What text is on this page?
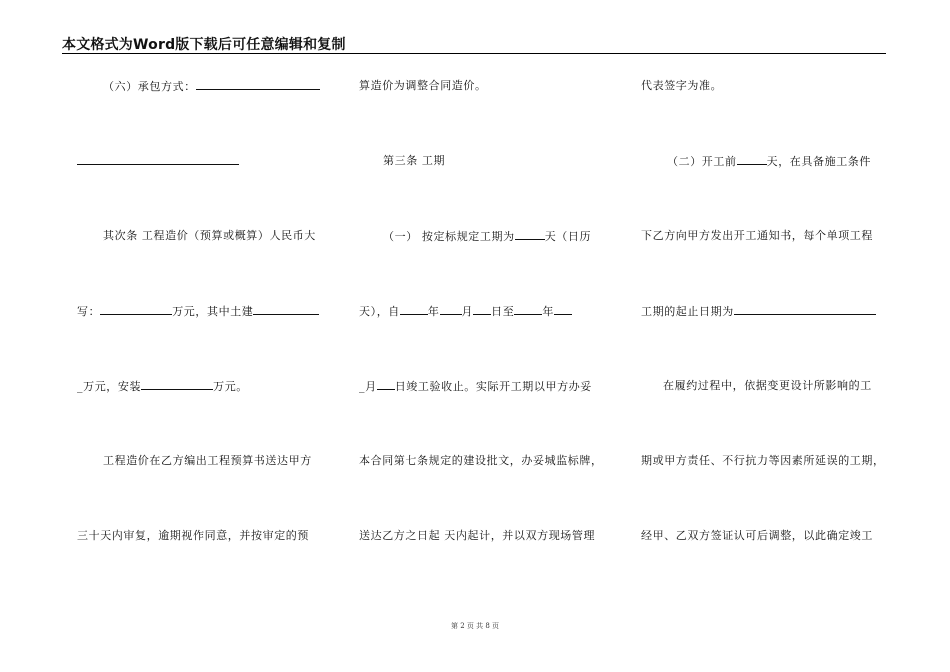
本文格式为Word版下载后可任意编辑和复制
（六）承包方式：
其次条 工程造价（预算或概算）人民币大
写：	万元，其中土建
_万元，安装	万元。
工程造价在乙方编出工程预算书送达甲方
三十天内审复，逾期视作同意，并按审定的预
算造价为调整合同造价。
第三条 工期
（一） 按定标规定工期为	天（日历
天），自	年 月 日至	年
_月 日竣工验收止。实际开工期以甲方办妥
本合同第七条规定的建设批文，办妥城监标牌，
送达乙方之日起 天内起计，并以双方现场管理
代表签字为准。
（二）开工前	天，在具备施工条件
下乙方向甲方发出开工通知书，每个单项工程
工期的起止日期为
在履约过程中，依据变更设计所影响的工
期或甲方责任、不行抗力等因素所延误的工期，
经甲、乙双方签证认可后调整，以此确定竣工
第 2 页 共 8 页
